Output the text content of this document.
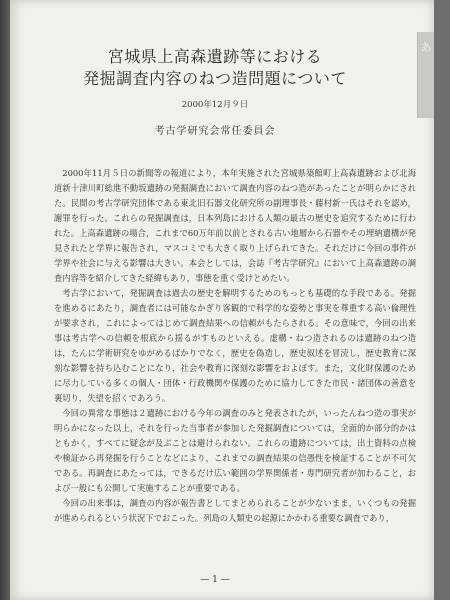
あ
宮城県上高森遺跡等における
発掘調査内容のねつ造問題について
2000年12月９日
考古学研究会常任委員会

2000年11月５日の新聞等の報道により，本年実施された宮城県築館町上高森遺跡および北海道新十津川町総進不動坂遺跡の発掘調査において調査内容のねつ造があったことが明らかにされた。民間の考古学研究団体である東北旧石器文化研究所の副理事長・藤村新一氏はそれを認め，謝罪を行った。これらの発掘調査は，日本列島における人類の最古の歴史を追究するために行われた。上高森遺跡の場合，これまで60万年前以前とされる古い地層から石器やその埋納遺構が発見されたと学界に報告され，マスコミでも大きく取り上げられてきた。それだけに今回の事件が学界や社会に与える影響は大きい。本会としては，会誌『考古学研究』において上高森遺跡の調査内容等を紹介してきた経緯もあり，事態を重く受けとめたい。

考古学において，発掘調査は過去の歴史を解明するためのもっとも基礎的な手段である。発掘を進めるにあたり，調査者には可能なかぎり客観的で科学的な姿勢と事実を尊重する高い倫理性が要求され，これによってはじめて調査結果への信頼がもたらされる。その意味で，今回の出来事は考古学への信頼を根底から揺るがすものといえる。虚構・ねつ造されるのは遺跡のねつ造は，たんに学術研究をゆがめるばかりでなく，歴史を偽造し，歴史叙述を冒涜し，歴史教育に深刻な影響を持ち込むことになり，社会や教育に深刻な影響をおよぼす。また，文化財保護のために尽力している多くの個人・団体・行政機関や保護のために協力してきた市民・諸団体の善意を裏切り，失望を招くであろう。

今回の異常な事態は２遺跡における今年の調査のみと発表されたが，いったんねつ造の事実が明らかになった以上，それを行った当事者が参加した発掘調査については，全面的か部分的かはともかく，すべてに疑念が及ぶことは避けられない。これらの遺跡については，出土資料の点検や検証から再発掘を行うことなどにより，これまでの調査結果の信憑性を検証することが不可欠である。再調査にあたっては，できるだけ広い範囲の学界関係者・専門研究者が加わること，および一般にも公開して実施することが重要である。

今回の出来事は，調査の内容が報告書としてまとめられることが少ないまま，いくつもの発掘が進められるという状況下でおこった。列島の人類史の起源にかかわる重要な調査であり，

— 1 —
